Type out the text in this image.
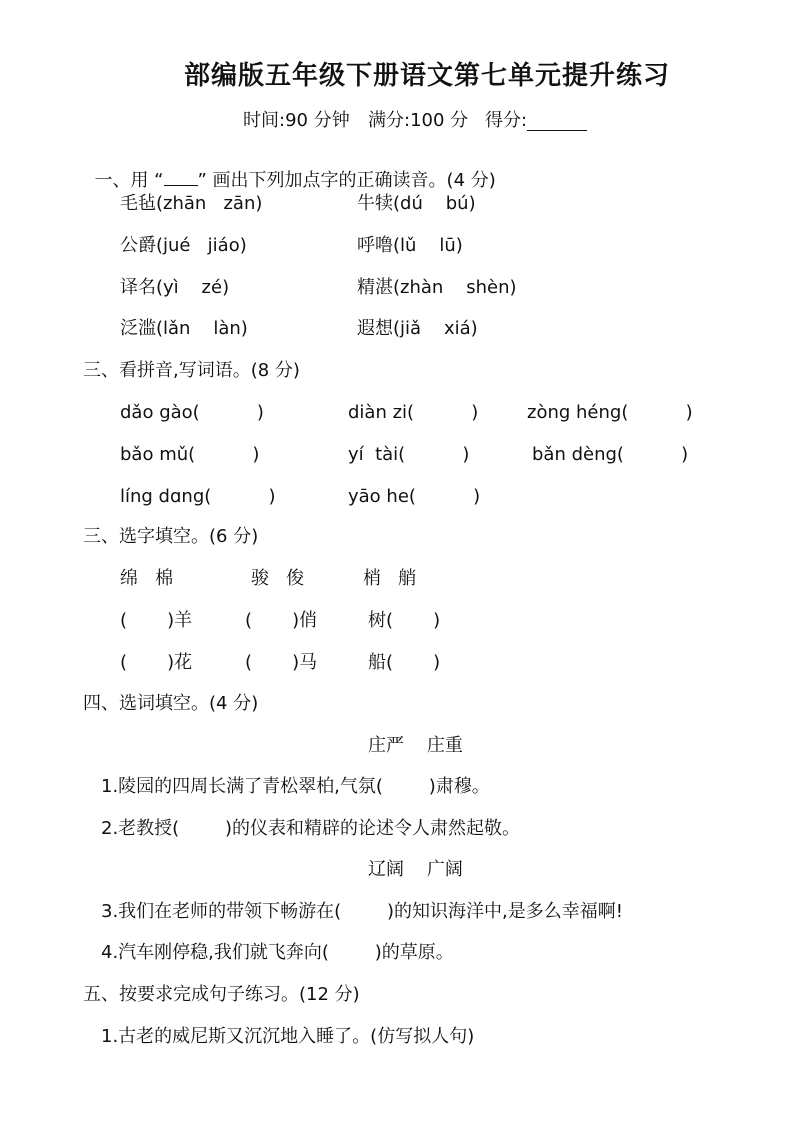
部编版五年级下册语文第七单元提升练习
时间:90 分钟 满分:100 分 得分:

一、用 “ ” 画出下列加点字的正确读音。(4 分)

毛毡(zhān   zān)	牛犊(dú    bú)
公爵(jué   jiáo)	呼噜(lǔ    lū)
译名(yì    zé)	精湛(zhàn    shèn)
泛滥(lǎn    làn)	遐想(jiǎ    xiá)
三、看拼音,写词语。(8 分)
dǎo gào(          )	diàn zi(          )	zòng héng(          )
bǎo mǔ(          )	yí  tài(          )	bǎn dèng(          )
líng dɑng(          )	yāo he(          )
三、选字填空。(6 分)
绵   棉	骏   俊	梢   艄
(       )羊	(       )俏	树(       )
(       )花	(       )马	船(       )
四、选词填空。(4 分)
庄严    庄重
1.陵园的四周长满了青松翠柏,气氛(        )肃穆。
2.老教授(        )的仪表和精辟的论述令人肃然起敬。
辽阔    广阔
3.我们在老师的带领下畅游在(        )的知识海洋中,是多么幸福啊!
4.汽车刚停稳,我们就飞奔向(        )的草原。
五、按要求完成句子练习。(12 分)
1.古老的威尼斯又沉沉地入睡了。(仿写拟人句)
